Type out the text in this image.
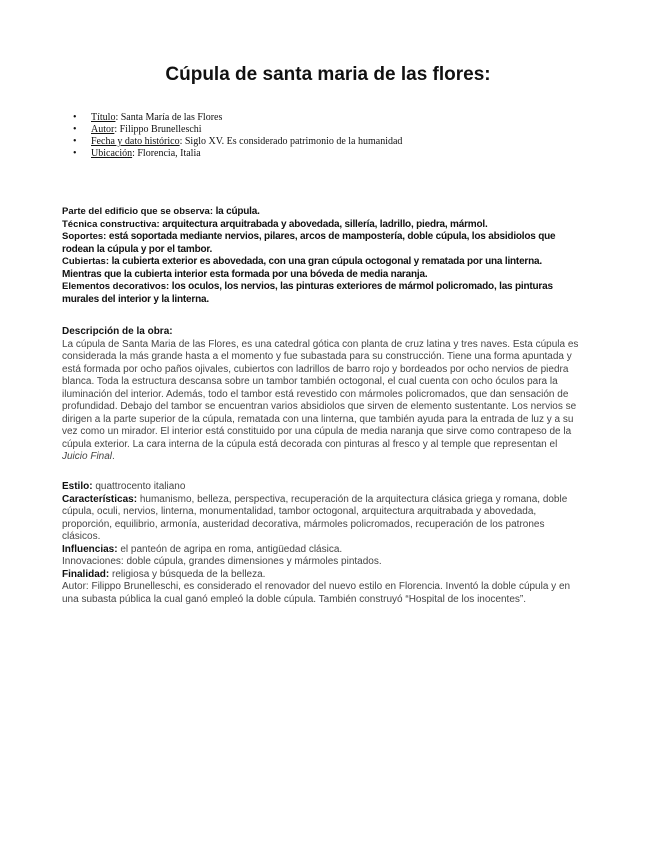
Cúpula de santa maria de las flores:
• Título: Santa María de las Flores
• Autor: Filippo Brunelleschi
• Fecha y dato histórico: Siglo XV. Es considerado patrimonio de la humanidad
• Ubicación: Florencia, Italia

Parte del edificio que se observa: la cúpula.

Técnica constructiva: arquitectura arquitrabada y abovedada, sillería, ladrillo, piedra, mármol.

Soportes: está soportada mediante nervios, pilares, arcos de mampostería, doble cúpula, los absidiolos que rodean la cúpula y por el tambor.

Cubiertas: la cubierta exterior es abovedada, con una gran cúpula octogonal y rematada por una linterna. Mientras que la cubierta interior esta formada por una bóveda de media naranja.

Elementos decorativos: los oculos, los nervios, las pinturas exteriores de mármol policromado, las pinturas murales del interior y la linterna.

Descripción de la obra:

La cúpula de Santa Maria de las Flores, es una catedral gótica con planta de cruz latina y tres naves. Esta cúpula es considerada la más grande hasta a el momento y fue subastada para su construcción. Tiene una forma apuntada y está formada por ocho paños ojivales, cubiertos con ladrillos de barro rojo y bordeados por ocho nervios de piedra blanca. Toda la estructura descansa sobre un tambor también octogonal, el cual cuenta con ocho óculos para la iluminación del interior. Además, todo el tambor está revestido con mármoles policromados, que dan sensación de profundidad. Debajo del tambor se encuentran varios absidiolos que sirven de elemento sustentante. Los nervios se dirigen a la parte superior de la cúpula, rematada con una linterna, que también ayuda para la entrada de luz y a su vez como un mirador. El interior está constituido por una cúpula de media naranja que sirve como contrapeso de la cúpula exterior. La cara interna de la cúpula está decorada con pinturas al fresco y al temple que representan el Juicio Final.

Estilo: quattrocento italiano

Características: humanismo, belleza, perspectiva, recuperación de la arquitectura clásica griega y romana, doble cúpula, oculi, nervios, linterna, monumentalidad, tambor octogonal, arquitectura arquitrabada y abovedada, proporción, equilibrio, armonía, austeridad decorativa, mármoles policromados, recuperación de los patrones clásicos.

Influencias: el panteón de agripa en roma, antigüedad clásica.

Innovaciones: doble cúpula, grandes dimensiones y mármoles pintados.

Finalidad: religiosa y búsqueda de la belleza.

Autor: Filippo Brunelleschi, es considerado el renovador del nuevo estilo en Florencia. Inventó la doble cúpula y en una subasta pública la cual ganó empleó la doble cúpula. También construyó “Hospital de los inocentes”.
